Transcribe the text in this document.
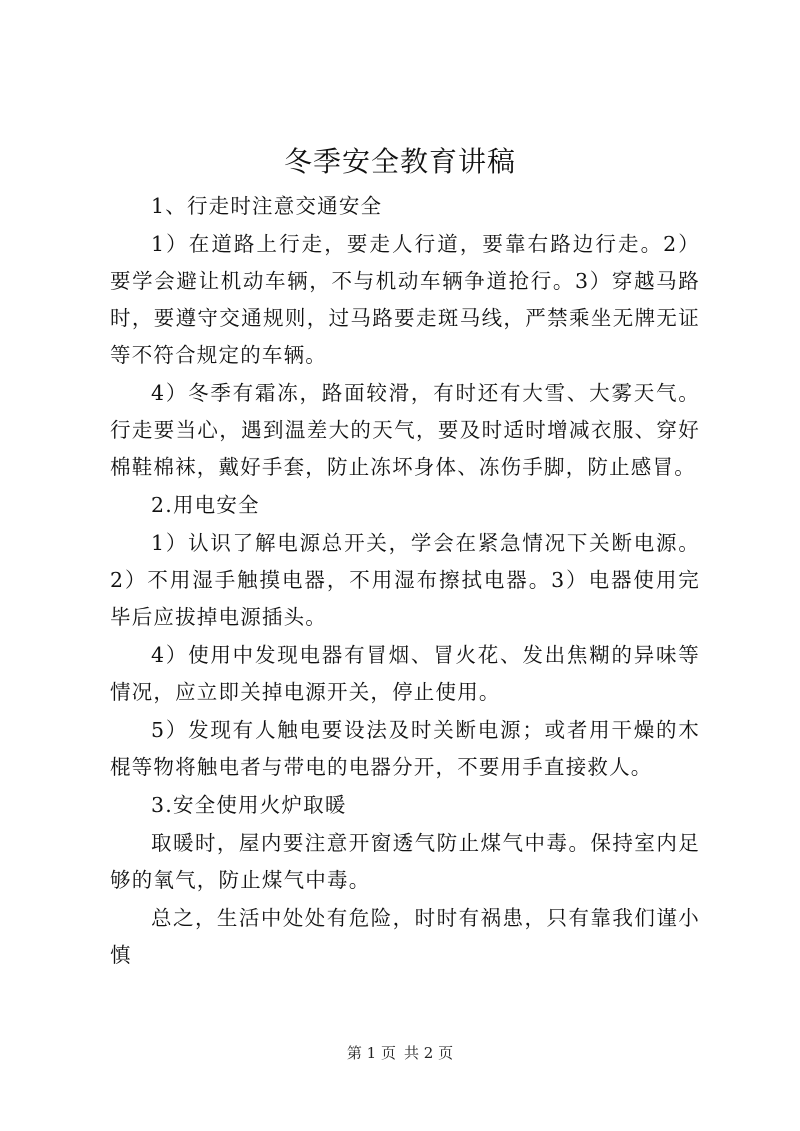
冬季安全教育讲稿

1、行走时注意交通安全

1）在道路上行走，要走人行道，要靠右路边行走。2）要学会避让机动车辆，不与机动车辆争道抢行。3）穿越马路时，要遵守交通规则，过马路要走斑马线，严禁乘坐无牌无证等不符合规定的车辆。

4）冬季有霜冻，路面较滑，有时还有大雪、大雾天气。行走要当心，遇到温差大的天气，要及时适时增减衣服、穿好棉鞋棉袜，戴好手套，防止冻坏身体、冻伤手脚，防止感冒。

2.用电安全

1）认识了解电源总开关，学会在紧急情况下关断电源。2）不用湿手触摸电器，不用湿布擦拭电器。3）电器使用完毕后应拔掉电源插头。

4）使用中发现电器有冒烟、冒火花、发出焦糊的异味等情况，应立即关掉电源开关，停止使用。

5）发现有人触电要设法及时关断电源；或者用干燥的木棍等物将触电者与带电的电器分开，不要用手直接救人。

3.安全使用火炉取暖

取暖时，屋内要注意开窗透气防止煤气中毒。保持室内足够的氧气，防止煤气中毒。

总之，生活中处处有危险，时时有祸患，只有靠我们谨小慎

第 1 页 共 2 页
